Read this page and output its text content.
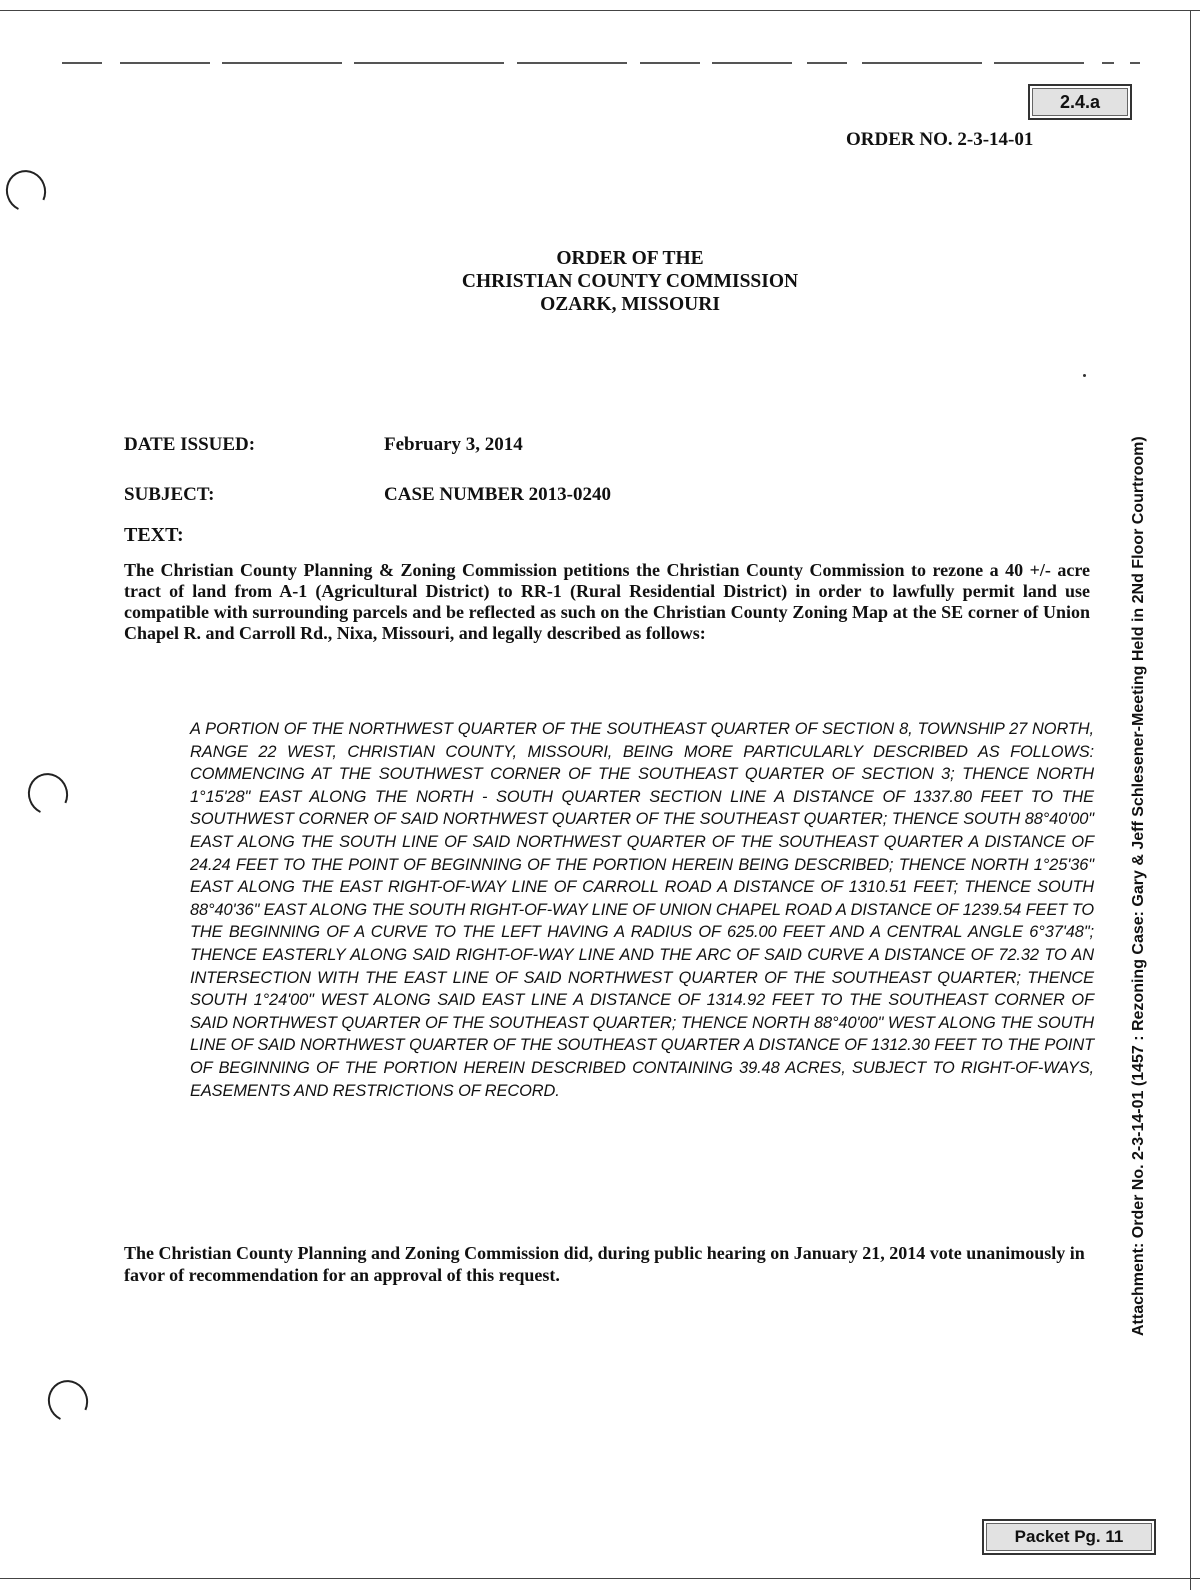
2.4.a
ORDER NO. 2-3-14-01
ORDER OF THE
CHRISTIAN COUNTY COMMISSION
OZARK, MISSOURI
DATE ISSUED:	February 3, 2014
SUBJECT:	CASE NUMBER 2013-0240
TEXT:
The Christian County Planning & Zoning Commission petitions the Christian County Commission to rezone a 40 +/- acre tract of land from A-1 (Agricultural District) to RR-1 (Rural Residential District) in order to lawfully permit land use compatible with surrounding parcels and be reflected as such on the Christian County Zoning Map at the SE corner of Union Chapel R. and Carroll Rd., Nixa, Missouri, and legally described as follows:
A PORTION OF THE NORTHWEST QUARTER OF THE SOUTHEAST QUARTER OF SECTION 8, TOWNSHIP 27 NORTH, RANGE 22 WEST, CHRISTIAN COUNTY, MISSOURI, BEING MORE PARTICULARLY DESCRIBED AS FOLLOWS: COMMENCING AT THE SOUTHWEST CORNER OF THE SOUTHEAST QUARTER OF SECTION 3; THENCE NORTH 1°15'28" EAST ALONG THE NORTH - SOUTH QUARTER SECTION LINE A DISTANCE OF 1337.80 FEET TO THE SOUTHWEST CORNER OF SAID NORTHWEST QUARTER OF THE SOUTHEAST QUARTER; THENCE SOUTH 88°40'00" EAST ALONG THE SOUTH LINE OF SAID NORTHWEST QUARTER OF THE SOUTHEAST QUARTER A DISTANCE OF 24.24 FEET TO THE POINT OF BEGINNING OF THE PORTION HEREIN BEING DESCRIBED; THENCE NORTH 1°25'36" EAST ALONG THE EAST RIGHT-OF-WAY LINE OF CARROLL ROAD A DISTANCE OF 1310.51 FEET; THENCE SOUTH 88°40'36" EAST ALONG THE SOUTH RIGHT-OF-WAY LINE OF UNION CHAPEL ROAD A DISTANCE OF 1239.54 FEET TO THE BEGINNING OF A CURVE TO THE LEFT HAVING A RADIUS OF 625.00 FEET AND A CENTRAL ANGLE 6°37'48"; THENCE EASTERLY ALONG SAID RIGHT-OF-WAY LINE AND THE ARC OF SAID CURVE A DISTANCE OF 72.32 TO AN INTERSECTION WITH THE EAST LINE OF SAID NORTHWEST QUARTER OF THE SOUTHEAST QUARTER; THENCE SOUTH 1°24'00" WEST ALONG SAID EAST LINE A DISTANCE OF 1314.92 FEET TO THE SOUTHEAST CORNER OF SAID NORTHWEST QUARTER OF THE SOUTHEAST QUARTER; THENCE NORTH 88°40'00" WEST ALONG THE SOUTH LINE OF SAID NORTHWEST QUARTER OF THE SOUTHEAST QUARTER A DISTANCE OF 1312.30 FEET TO THE POINT OF BEGINNING OF THE PORTION HEREIN DESCRIBED CONTAINING 39.48 ACRES, SUBJECT TO RIGHT-OF-WAYS, EASEMENTS AND RESTRICTIONS OF RECORD.
The Christian County Planning and Zoning Commission did, during public hearing on January 21, 2014 vote unanimously in favor of recommendation for an approval of this request.	Attachment: Order No. 2-3-14-01 (1457 : Rezoning Case: Gary & Jeff Schlesener-Meeting Held in 2Nd Floor Courtroom)
Packet Pg. 11
